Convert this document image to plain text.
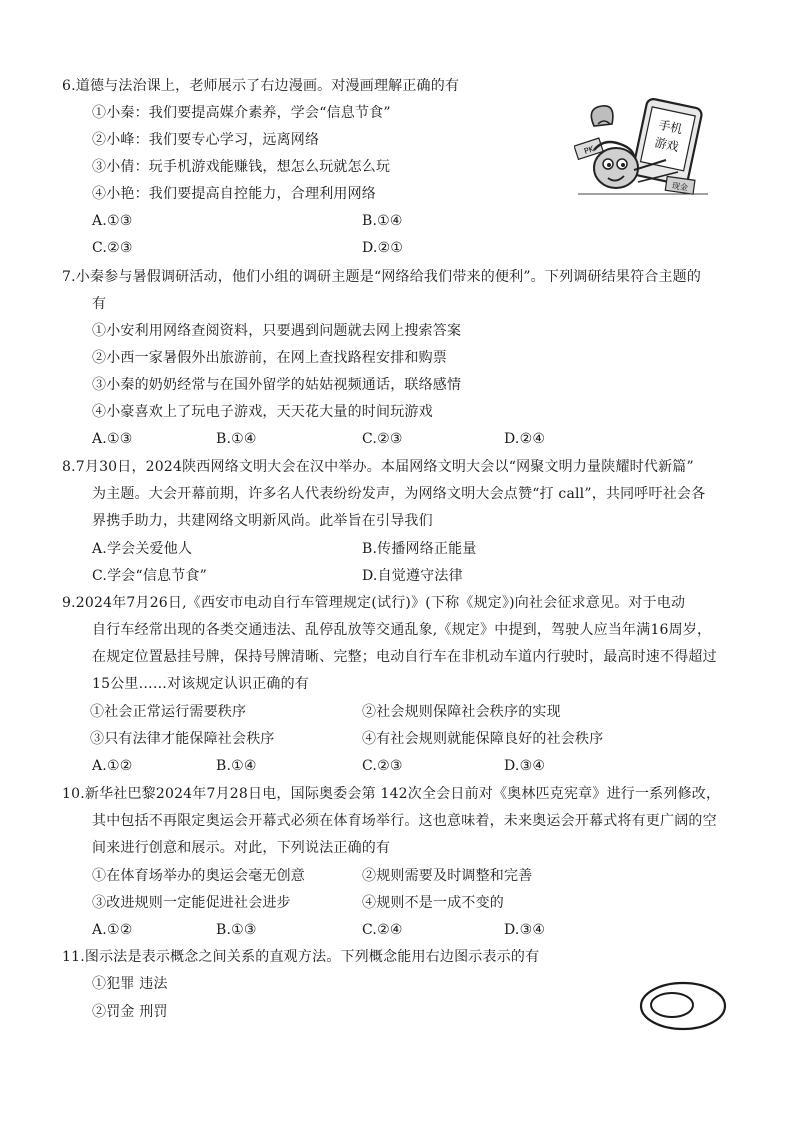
6.道德与法治课上，老师展示了右边漫画。对漫画理解正确的有
①小秦：我们要提高媒介素养，学会“信息节食”
②小峰：我们要专心学习，远离网络
③小倩：玩手机游戏能赚钱，想怎么玩就怎么玩
④小艳：我们要提高自控能力，合理利用网络
A.①③	B.①④
C.②③	D.②①
手机
游戏
PK
现金
7.小秦参与暑假调研活动，他们小组的调研主题是“网络给我们带来的便利”。下列调研结果符合主题的
有
①小安利用网络查阅资料，只要遇到问题就去网上搜索答案
②小西一家暑假外出旅游前，在网上查找路程安排和购票
③小秦的奶奶经常与在国外留学的姑姑视频通话，联络感情
④小豪喜欢上了玩电子游戏，天天花大量的时间玩游戏
A.①③	B.①④	C.②③	D.②④
8.7月30日，2024陕西网络文明大会在汉中举办。本届网络文明大会以“网聚文明力量陕耀时代新篇”
为主题。大会开幕前期，许多名人代表纷纷发声，为网络文明大会点赞“打 call”，共同呼吁社会各
界携手助力，共建网络文明新风尚。此举旨在引导我们
A.学会关爱他人	B.传播网络正能量
C.学会“信息节食”	D.自觉遵守法律
9.2024年7月26日,《西安市电动自行车管理规定(试行)》(下称《规定》)向社会征求意见。对于电动
自行车经常出现的各类交通违法、乱停乱放等交通乱象,《规定》中提到，驾驶人应当年满16周岁，
在规定位置悬挂号牌，保持号牌清晰、完整；电动自行车在非机动车道内行驶时，最高时速不得超过
15公里……对该规定认识正确的有
①社会正常运行需要秩序	②社会规则保障社会秩序的实现
③只有法律才能保障社会秩序	④有社会规则就能保障良好的社会秩序
A.①②	B.①④	C.②③	D.③④
10.新华社巴黎2024年7月28日电，国际奥委会第 142次全会日前对《奥林匹克宪章》进行一系列修改，
其中包括不再限定奥运会开幕式必须在体育场举行。这也意味着，未来奥运会开幕式将有更广阔的空
间来进行创意和展示。对此，下列说法正确的有
①在体育场举办的奥运会毫无创意	②规则需要及时调整和完善
③改进规则一定能促进社会进步	④规则不是一成不变的
A.①②	B.①③	C.②④	D.③④
11.图示法是表示概念之间关系的直观方法。下列概念能用右边图示表示的有
①犯罪 违法
②罚金 刑罚
